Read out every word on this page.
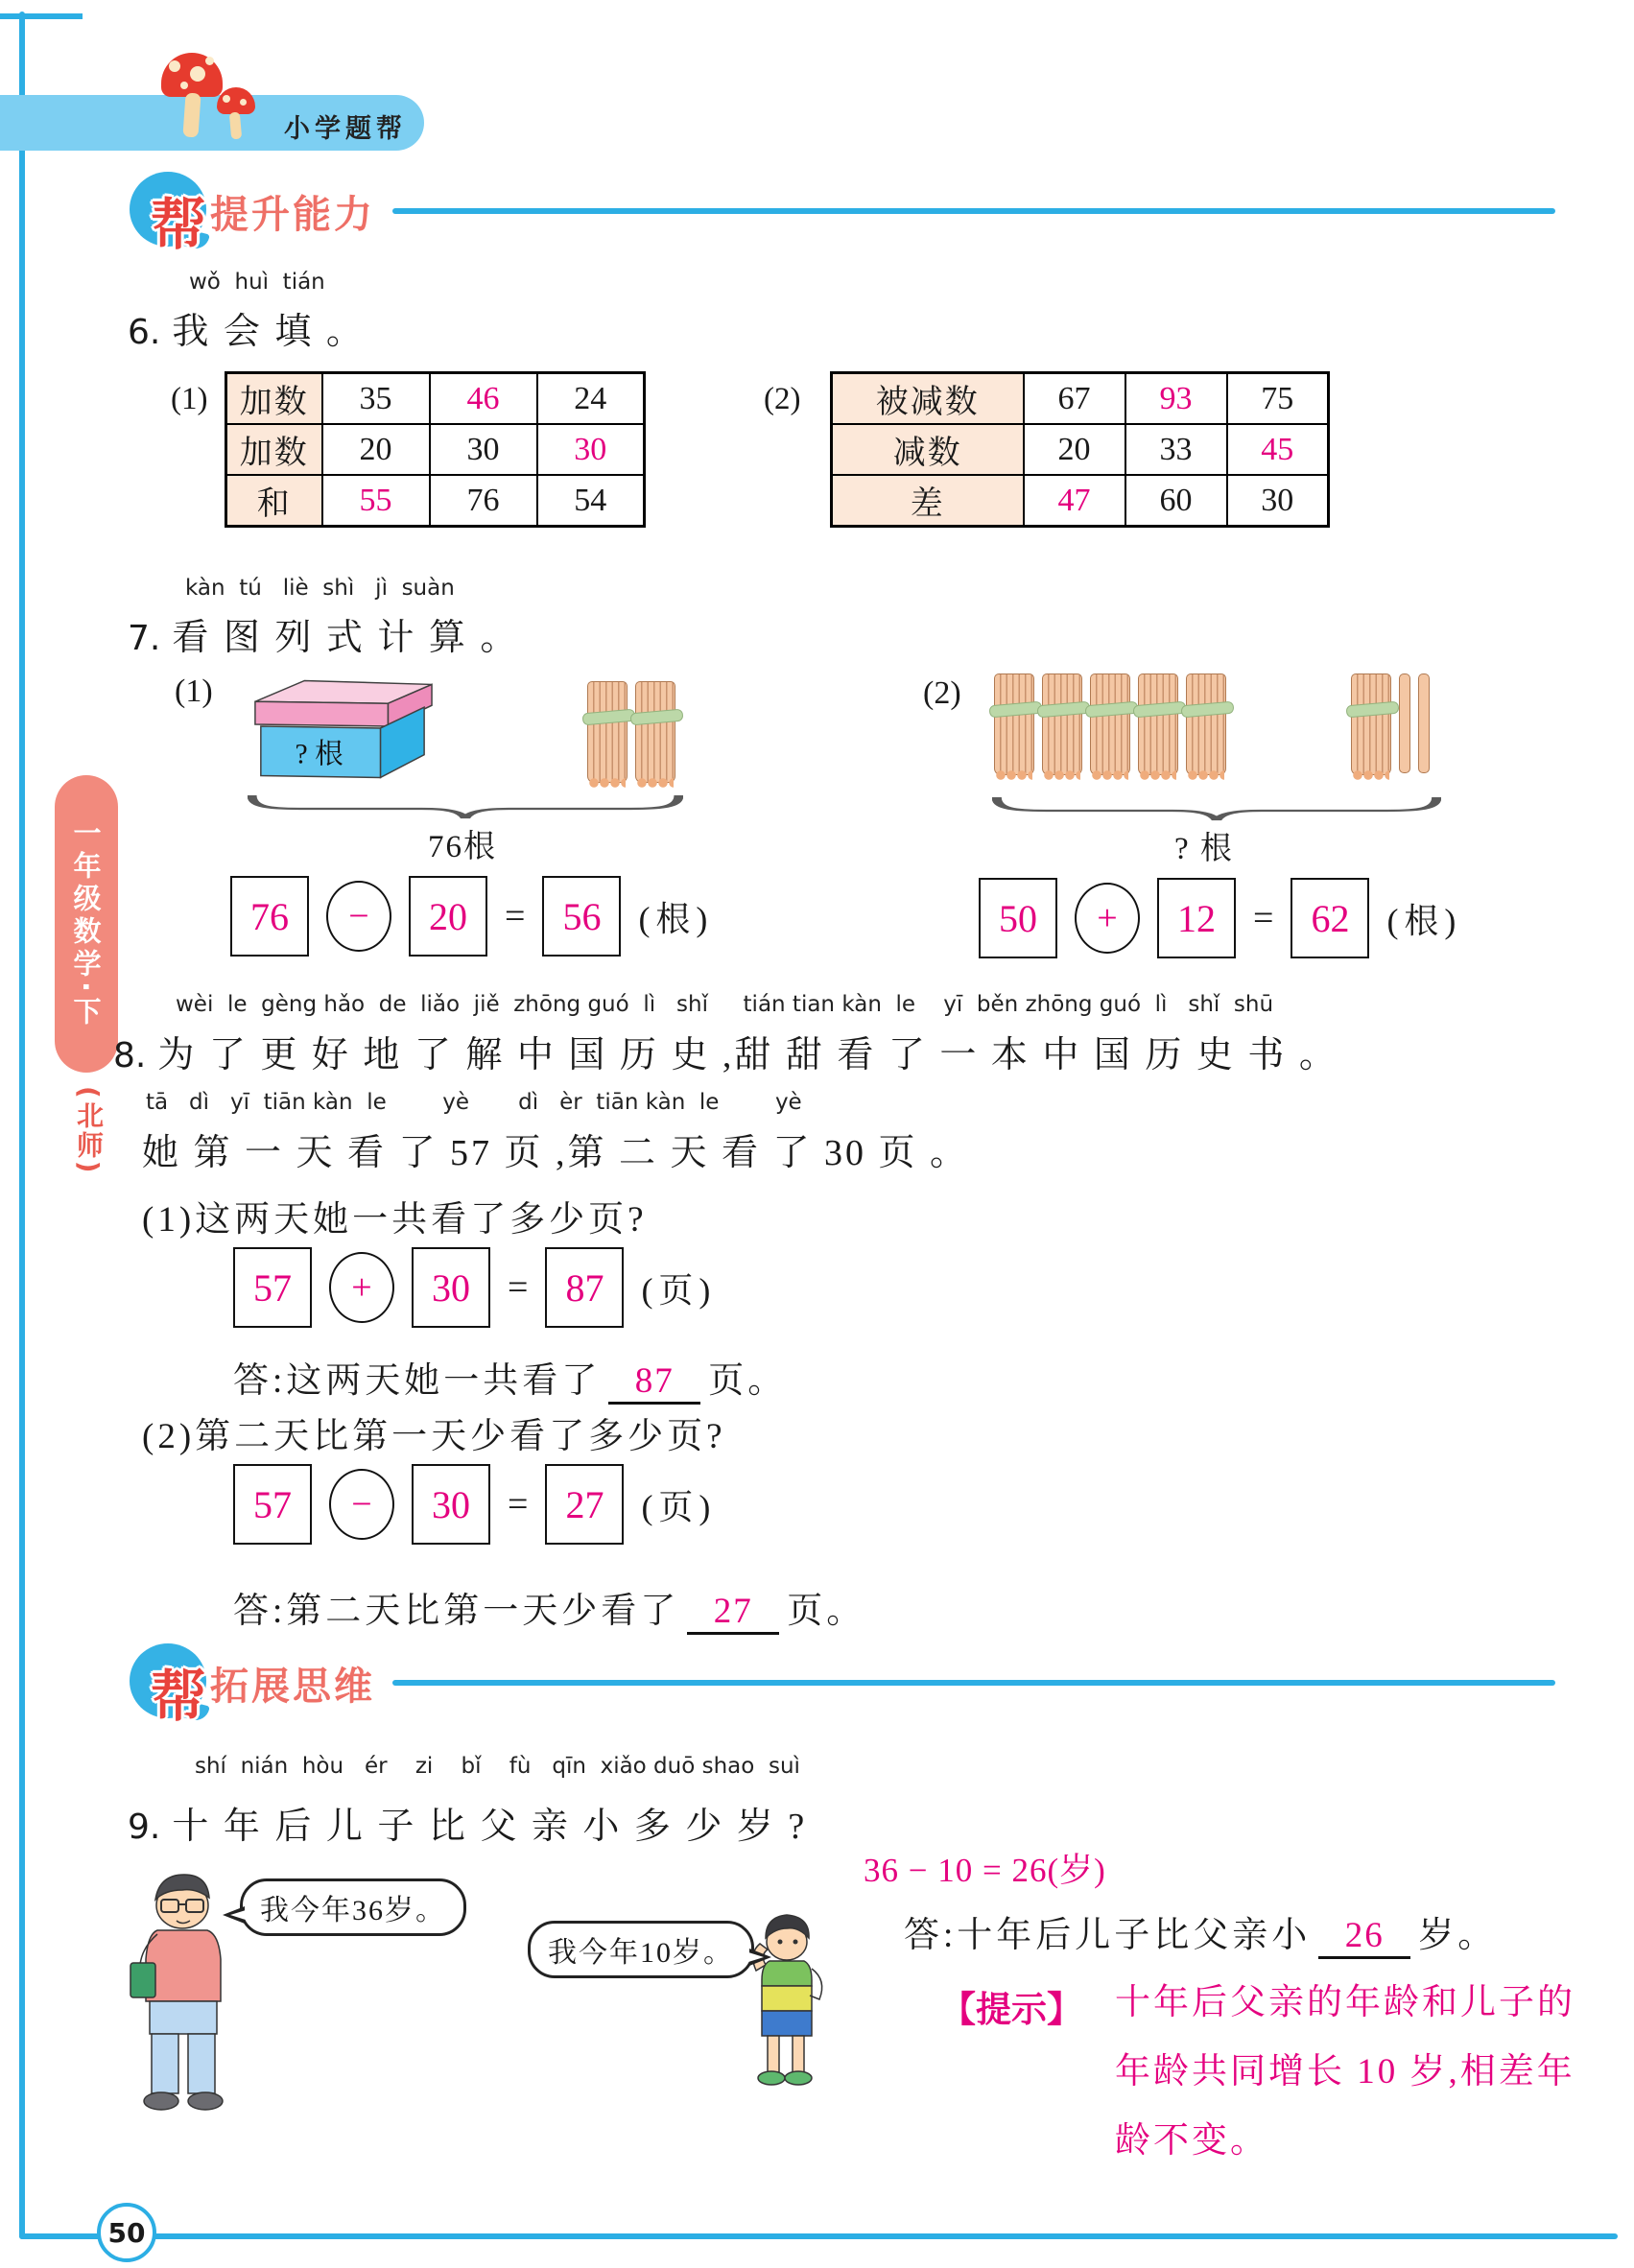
小学题帮
帮 提升能力
一年级数学·下
(北师)
wǒ  huì  tián
6. 我 会 填 。
(1) 加数	35	46	24
加数	20	30	30
和	55	76	54
(2) 被减数	67	93	75
减数	20	33	45
差	47	60	30
kàn  tú   liè  shì   jì  suàn
7. 看 图 列 式 计 算 。
(1)
? 根
76根
76	−	20	= 56	(根)
(2)
? 根
50	+	12	= 62	(根)
wèi  le  gèng hǎo  de  liǎo  jiě  zhōng guó  lì   shǐ     tián tian kàn  le    yī  běn zhōng guó  lì   shǐ  shū
8. 为 了 更 好 地 了 解 中 国 历 史 ,甜 甜 看 了 一 本 中 国 历 史 书 。
tā   dì   yī  tiān kàn  le        yè       dì   èr  tiān kàn  le        yè
她 第 一 天 看 了 57 页 ,第 二 天 看 了 30 页 。
(1)这两天她一共看了多少页?
57	+	30	= 87	(页)
答:这两天她一共看了 87 页。
(2)第二天比第一天少看了多少页?
57	−	30	= 27	(页)
答:第二天比第一天少看了 27 页。
帮 拓展思维
shí  nián  hòu   ér    zi    bǐ    fù   qīn  xiǎo duō shao  suì
9. 十 年 后 儿 子 比 父 亲 小 多 少 岁 ?
我今年36岁。
我今年10岁。
36 − 10 = 26(岁)
答:十年后儿子比父亲小 26 岁。
【提示】 十年后父亲的年龄和儿子的
年龄共同增长 10 岁,相差年
龄不变。
50
